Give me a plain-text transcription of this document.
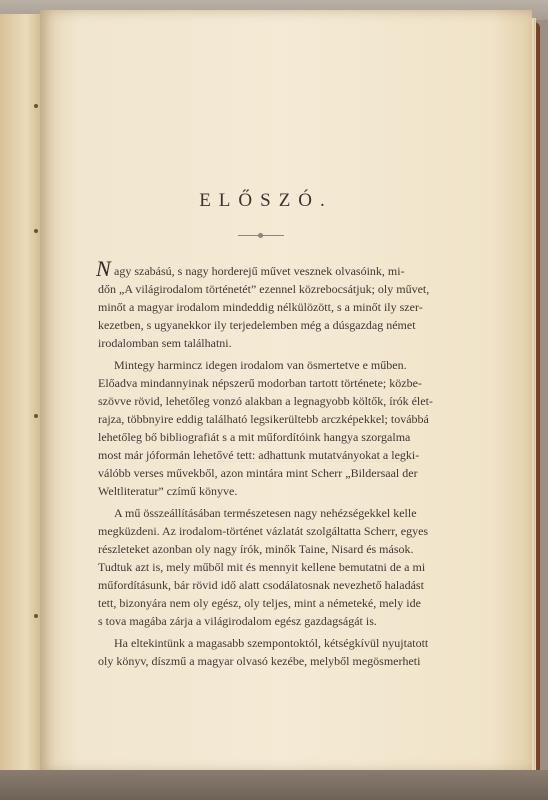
ELŐSZÓ.
N agy szabású, s nagy horderejű művet vesznek olvasóink, mi-
dőn „A világirodalom történetét” ezennel közrebocsátjuk; oly művet,
minőt a magyar irodalom mindeddig nélkülözött, s a minőt ily szer-
kezetben, s ugyanekkor ily terjedelemben még a dúsgazdag német
irodalomban sem találhatni.
Mintegy harmincz idegen irodalom van ösmertetve e műben.
Előadva mindannyinak népszerű modorban tartott története; közbe-
szövve rövid, lehetőleg vonzó alakban a legnagyobb költők, írók élet-
rajza, többnyire eddig található legsikerültebb arczképekkel; továbbá
lehetőleg bő bibliografiát s a mit műfordítóink hangya szorgalma
most már jóformán lehetővé tett: adhattunk mutatványokat a legki-
válóbb verses művekből, azon mintára mint Scherr „Bildersaal der
Weltliteratur” czímű könyve.
A mű összeállításában természetesen nagy nehézségekkel kelle
megküzdeni. Az irodalom-történet vázlatát szolgáltatta Scherr, egyes
részleteket azonban oly nagy írók, minők Taine, Nisard és mások.
Tudtuk azt is, mely műből mit és mennyit kellene bemutatni de a mi
műfordításunk, bár rövid idő alatt csodálatosnak nevezhető haladást
tett, bizonyára nem oly egész, oly teljes, mint a németeké, mely ide
s tova magába zárja a világirodalom egész gazdagságát is.
Ha eltekintünk a magasabb szempontoktól, kétségkívül nyujtatott
oly könyv, díszmű a magyar olvasó kezébe, melyből megösmerheti
